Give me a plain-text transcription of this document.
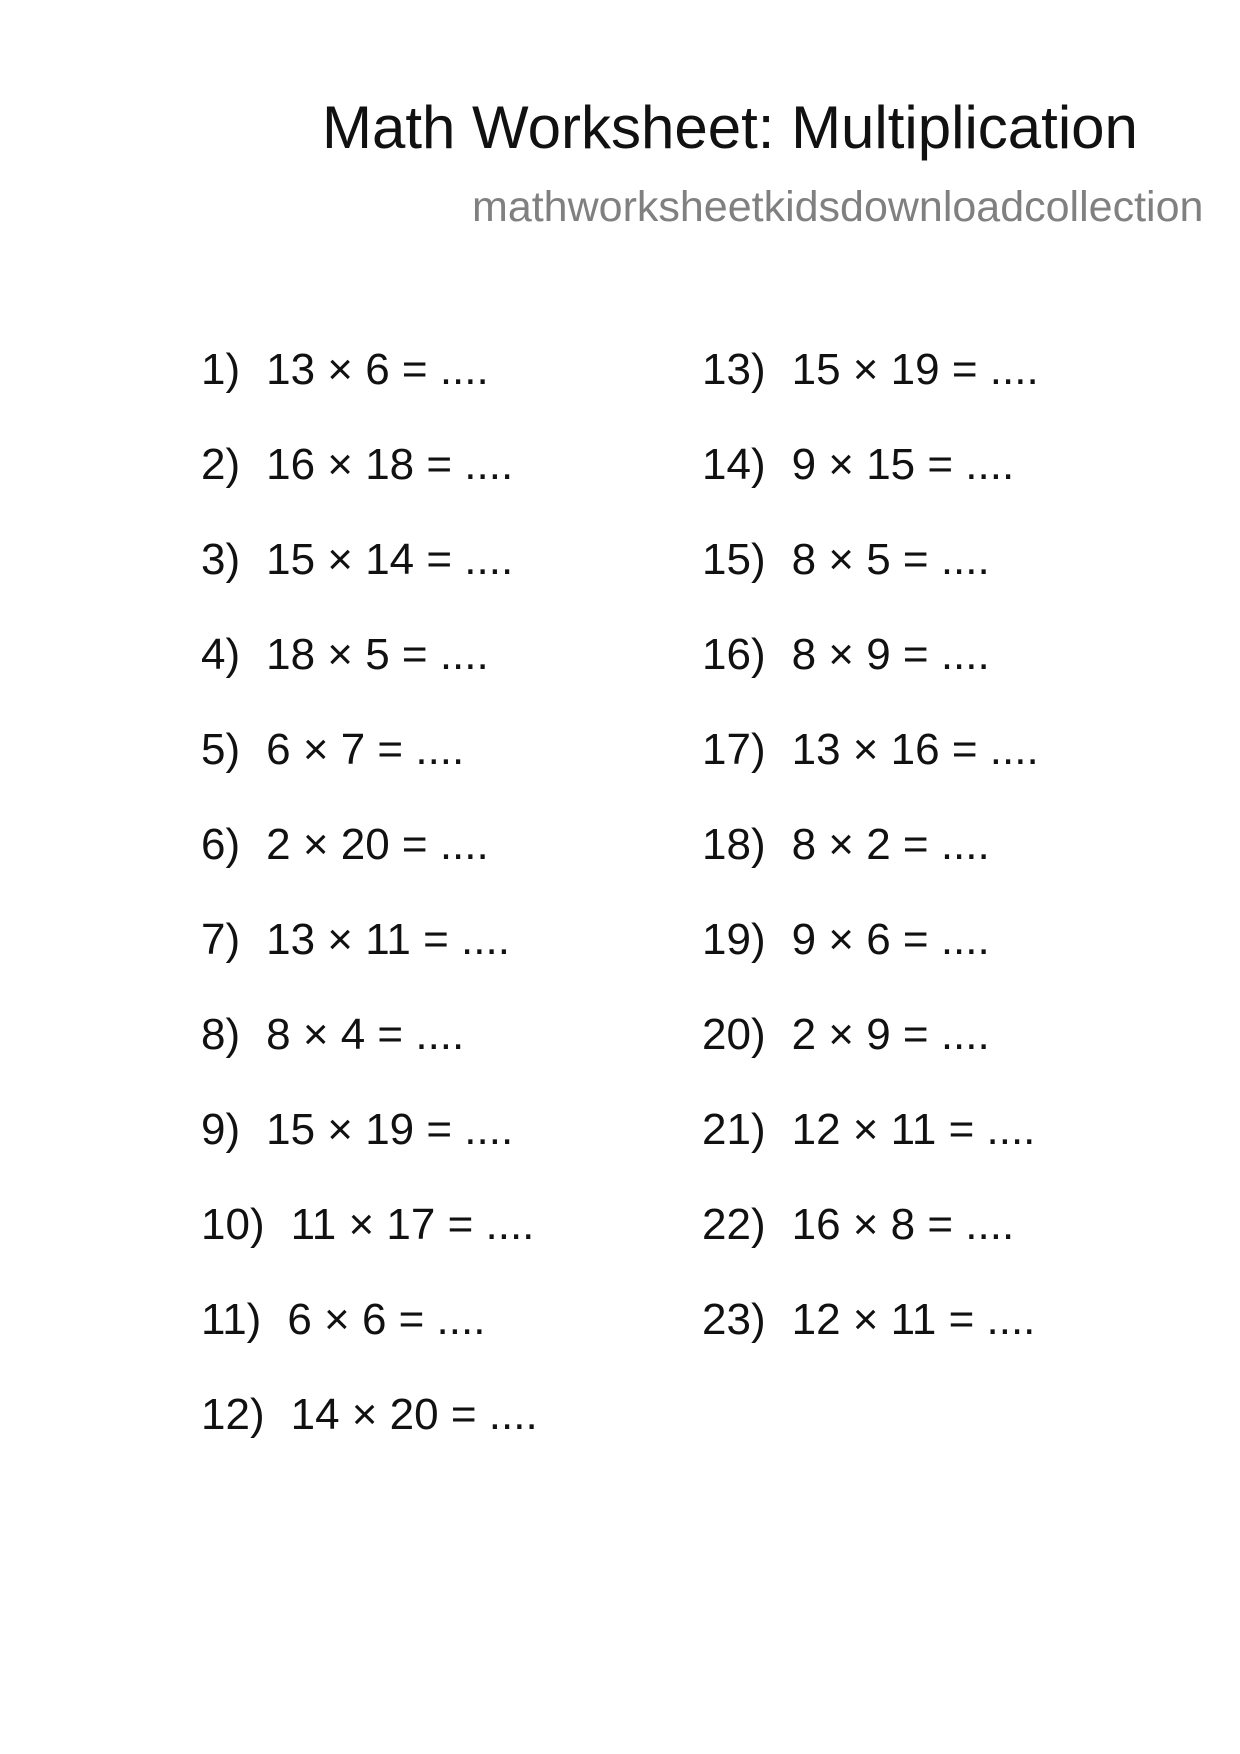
Math Worksheet: Multiplication
mathworksheetkidsdownloadcollection
1) 13 × 6 = ....
2) 16 × 18 = ....
3) 15 × 14 = ....
4) 18 × 5 = ....
5) 6 × 7 = ....
6) 2 × 20 = ....
7) 13 × 11 = ....
8) 8 × 4 = ....
9) 15 × 19 = ....
10) 11 × 17 = ....
11) 6 × 6 = ....
12) 14 × 20 = ....
13) 15 × 19 = ....
14) 9 × 15 = ....
15) 8 × 5 = ....
16) 8 × 9 = ....
17) 13 × 16 = ....
18) 8 × 2 = ....
19) 9 × 6 = ....
20) 2 × 9 = ....
21) 12 × 11 = ....
22) 16 × 8 = ....
23) 12 × 11 = ....
